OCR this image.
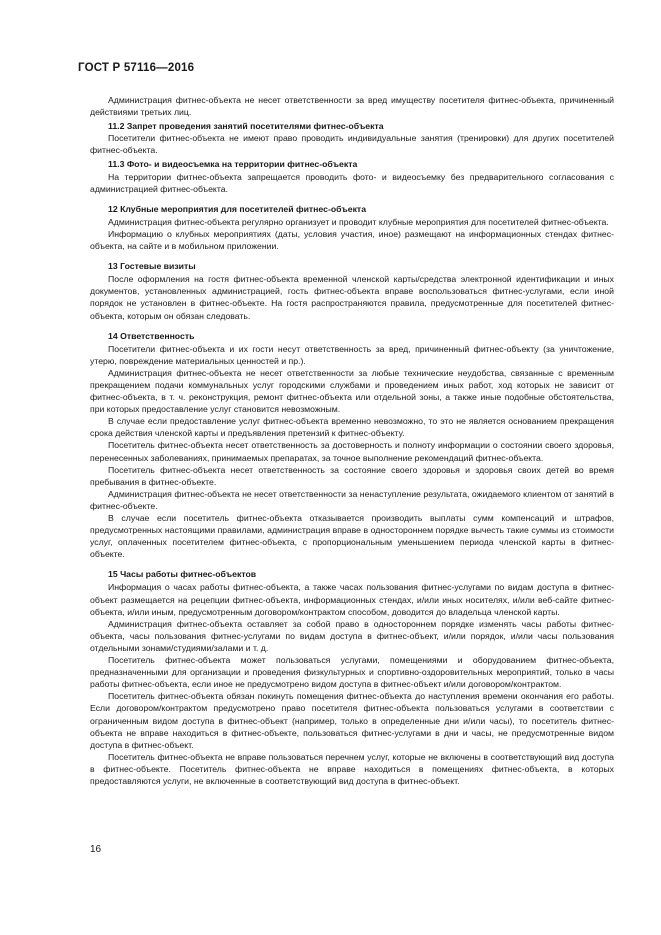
ГОСТ Р 57116—2016

Администрация фитнес-объекта не несет ответственности за вред имуществу посетителя фитнес-объекта, причиненный действиями третьих лиц.

11.2 Запрет проведения занятий посетителями фитнес-объекта

Посетители фитнес-объекта не имеют право проводить индивидуальные занятия (тренировки) для других посетителей фитнес-объекта.

11.3 Фото- и видеосъемка на территории фитнес-объекта

На территории фитнес-объекта запрещается проводить фото- и видеосъемку без предварительного согласования с администрацией фитнес-объекта.

12 Клубные мероприятия для посетителей фитнес-объекта

Администрация фитнес-объекта регулярно организует и проводит клубные мероприятия для посетителей фитнес-объекта.

Информацию о клубных мероприятиях (даты, условия участия, иное) размещают на информационных стендах фитнес-объекта, на сайте и в мобильном приложении.

13 Гостевые визиты

После оформления на гостя фитнес-объекта временной членской карты/средства электронной идентификации и иных документов, установленных администрацией, гость фитнес-объекта вправе воспользоваться фитнес-услугами, если иной порядок не установлен в фитнес-объекте. На гостя распространяются правила, предусмотренные для посетителей фитнес-объекта, которым он обязан следовать.

14 Ответственность

Посетители фитнес-объекта и их гости несут ответственность за вред, причиненный фитнес-объекту (за уничтожение, утерю, повреждение материальных ценностей и пр.).

Администрация фитнес-объекта не несет ответственности за любые технические неудобства, связанные с временным прекращением подачи коммунальных услуг городскими службами и проведением иных работ, ход которых не зависит от фитнес-объекта, в т. ч. реконструкция, ремонт фитнес-объекта или отдельной зоны, а также иные подобные обстоятельства, при которых предоставление услуг становится невозможным.

В случае если предоставление услуг фитнес-объекта временно невозможно, то это не является основанием прекращения срока действия членской карты и предъявления претензий к фитнес-объекту.

Посетитель фитнес-объекта несет ответственность за достоверность и полноту информации о состоянии своего здоровья, перенесенных заболеваниях, принимаемых препаратах, за точное выполнение рекомендаций фитнес-объекта.

Посетитель фитнес-объекта несет ответственность за состояние своего здоровья и здоровья своих детей во время пребывания в фитнес-объекте.

Администрация фитнес-объекта не несет ответственности за ненаступление результата, ожидаемого клиентом от занятий в фитнес-объекте.

В случае если посетитель фитнес-объекта отказывается производить выплаты сумм компенсаций и штрафов, предусмотренных настоящими правилами, администрация вправе в одностороннем порядке вычесть такие суммы из стоимости услуг, оплаченных посетителем фитнес-объекта, с пропорциональным уменьшением периода членской карты в фитнес-объекте.

15 Часы работы фитнес-объектов

Информация о часах работы фитнес-объекта, а также часах пользования фитнес-услугами по видам доступа в фитнес-объект размещается на рецепции фитнес-объекта, информационных стендах, и/или иных носителях, и/или веб-сайте фитнес-объекта, и/или иным, предусмотренным договором/контрактом способом, доводится до владельца членской карты.

Администрация фитнес-объекта оставляет за собой право в одностороннем порядке изменять часы работы фитнес-объекта, часы пользования фитнес-услугами по видам доступа в фитнес-объект, и/или порядок, и/или часы пользования отдельными зонами/студиями/залами и т. д.

Посетитель фитнес-объекта может пользоваться услугами, помещениями и оборудованием фитнес-объекта, предназначенными для организации и проведения физкультурных и спортивно-оздоровительных мероприятий, только в часы работы фитнес-объекта, если иное не предусмотрено видом доступа в фитнес-объект и/или договором/контрактом.

Посетитель фитнес-объекта обязан покинуть помещения фитнес-объекта до наступления времени окончания его работы. Если договором/контрактом предусмотрено право посетителя фитнес-объекта пользоваться услугами в соответствии с ограниченным видом доступа в фитнес-объект (например, только в определенные дни и/или часы), то посетитель фитнес-объекта не вправе находиться в фитнес-объекте, пользоваться фитнес-услугами в дни и часы, не предусмотренные видом доступа в фитнес-объект.

Посетитель фитнес-объекта не вправе пользоваться перечнем услуг, которые не включены в соответствующий вид доступа в фитнес-объекте. Посетитель фитнес-объекта не вправе находиться в помещениях фитнес-объекта, в которых предоставляются услуги, не включенные в соответствующий вид доступа в фитнес-объект.

16
